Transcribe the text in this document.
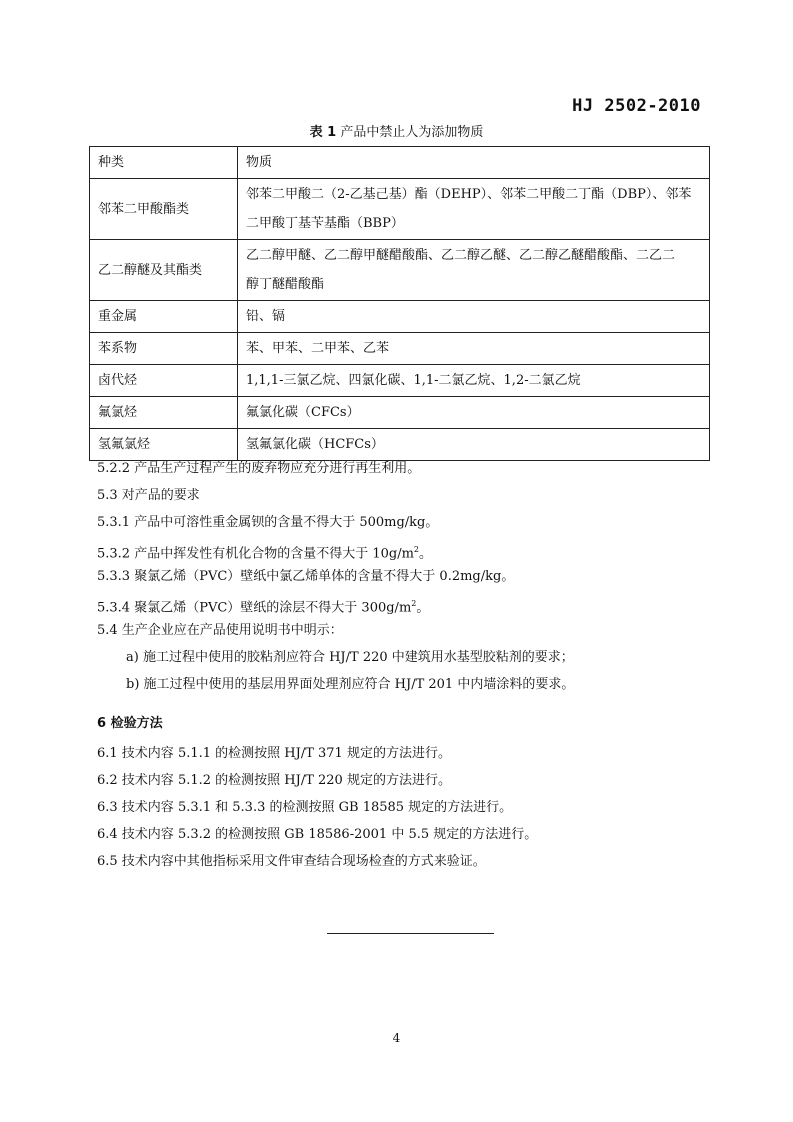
HJ 2502-2010
表 1 产品中禁止人为添加物质
种类	物质
邻苯二甲酸酯类	邻苯二甲酸二（2-乙基己基）酯（DEHP）、邻苯二甲酸二丁酯（DBP）、邻苯
二甲酸丁基苄基酯（BBP）

乙二醇醚及其酯类	乙二醇甲醚、乙二醇甲醚醋酸酯、乙二醇乙醚、乙二醇乙醚醋酸酯、二乙二
醇丁醚醋酸酯

重金属	铅、镉
苯系物	苯、甲苯、二甲苯、乙苯
卤代烃	1,1,1-三氯乙烷、四氯化碳、1,1-二氯乙烷、1,2-二氯乙烷
氟氯烃	氟氯化碳（CFCs）
氢氟氯烃	氢氟氯化碳（HCFCs）

5.2.2 产品生产过程产生的废弃物应充分进行再生利用。

5.3 对产品的要求

5.3.1 产品中可溶性重金属钡的含量不得大于 500mg/kg。

5.3.2 产品中挥发性有机化合物的含量不得大于 $10g/m^2$。

5.3.3 聚氯乙烯（PVC）壁纸中氯乙烯单体的含量不得大于 0.2mg/kg。

5.3.4 聚氯乙烯（PVC）壁纸的涂层不得大于 $300g/m^2$。

5.4 生产企业应在产品使用说明书中明示：

a) 施工过程中使用的胶粘剂应符合 HJ/T 220 中建筑用水基型胶粘剂的要求；

b) 施工过程中使用的基层用界面处理剂应符合 HJ/T 201 中内墙涂料的要求。

6 检验方法

6.1 技术内容 5.1.1 的检测按照 HJ/T 371 规定的方法进行。

6.2 技术内容 5.1.2 的检测按照 HJ/T 220 规定的方法进行。

6.3 技术内容 5.3.1 和 5.3.3 的检测按照 GB 18585 规定的方法进行。

6.4 技术内容 5.3.2 的检测按照 GB 18586-2001 中 5.5 规定的方法进行。

6.5 技术内容中其他指标采用文件审查结合现场检查的方式来验证。

4
